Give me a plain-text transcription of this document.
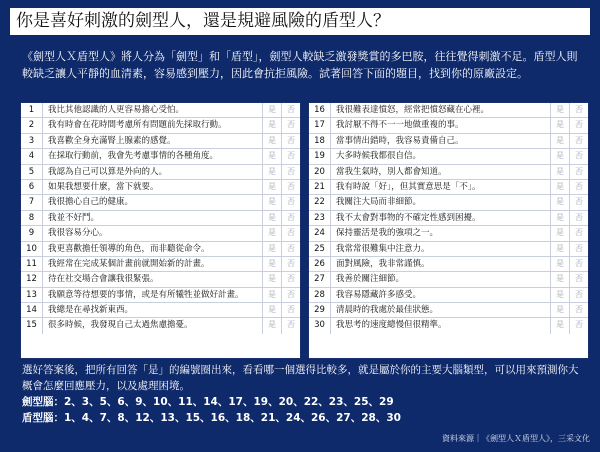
你是喜好刺激的劍型人，還是規避風險的盾型人？
《劍型人Ｘ盾型人》將人分為「劍型」和「盾型」，劍型人較缺乏激發獎賞的多巴胺，往往覺得刺激不足。盾型人則較缺乏讓人平靜的血清素，容易感到壓力，因此會抗拒風險。試著回答下面的題目，找到你的原廠設定。
1	我比其他認識的人更容易擔心受怕。	是	否
2	我有時會在花時間考慮所有問題前先採取行動。	是	否
3	我喜歡全身充滿腎上腺素的感覺。	是	否
4	在採取行動前，我會先考慮事情的各種角度。	是	否
5	我認為自己可以算是外向的人。	是	否
6	如果我想要什麼，當下就要。	是	否
7	我很擔心自己的健康。	是	否
8	我並不好鬥。	是	否
9	我很容易分心。	是	否
10	我更喜歡擔任領導的角色，而非聽從命令。	是	否
11	我經常在完成某個計畫前就開始新的計畫。	是	否
12	待在社交場合會讓我很緊張。	是	否
13	我願意等待想要的事情，或是有所犧牲並做好計畫。	是	否
14	我總是在尋找新東西。	是	否
15	很多時候，我發現自己太過焦慮擔憂。	是	否
16	我很難表達憤怒，經常把憤怒藏在心裡。	是	否
17	我討厭不得不一一地做重複的事。	是	否
18	當事情出錯時，我容易責備自己。	是	否
19	大多時候我都很自信。	是	否
20	當我生氣時，別人都會知道。	是	否
21	我有時說「好」，但其實意思是「不」。	是	否
22	我關注大局而非細節。	是	否
23	我不太會對事物的不確定性感到困擾。	是	否
24	保持靈活是我的強項之一。	是	否
25	我常常很難集中注意力。	是	否
26	面對風險，我非常謹慎。	是	否
27	我善於關注細節。	是	否
28	我容易隱藏許多感受。	是	否
29	清晨時的我處於最佳狀態。	是	否
30	我思考的速度總慢但很精準。	是	否
選好答案後，把所有回答「是」的編號圈出來，看看哪一個選得比較多，就是屬於你的主要大腦類型，可以用來預測你大概會怎麼回應壓力，以及處理困境。
劍型腦：2、3、5、6、9、10、11、14、17、19、20、22、23、25、29
盾型腦：1、4、7、8、12、13、15、16、18、21、24、26、27、28、30
資料來源｜《劍型人Ｘ盾型人》，三采文化
